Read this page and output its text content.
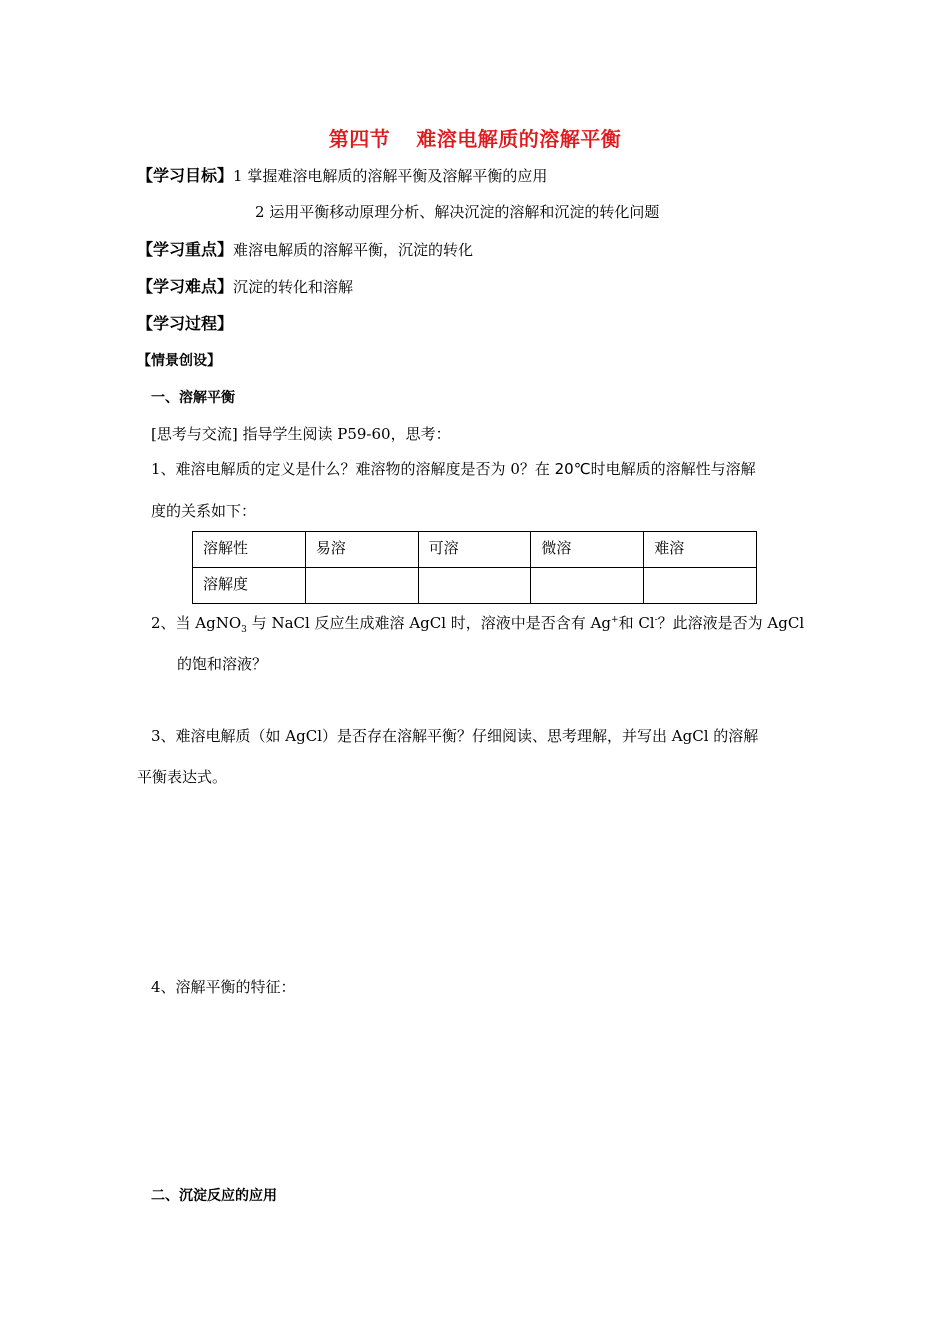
第四节 难溶电解质的溶解平衡
【学习目标】1 掌握难溶电解质的溶解平衡及溶解平衡的应用
2 运用平衡移动原理分析、解决沉淀的溶解和沉淀的转化问题
【学习重点】难溶电解质的溶解平衡，沉淀的转化
【学习难点】沉淀的转化和溶解
【学习过程】
【情景创设】
一、溶解平衡
[思考与交流] 指导学生阅读 P59-60，思考：
1、难溶电解质的定义是什么？难溶物的溶解度是否为 0？在 20℃时电解质的溶解性与溶解
度的关系如下：
溶解性	易溶	可溶	微溶	难溶
溶解度				
2、当 AgNO$_3$ 与 NaCl 反应生成难溶 AgCl 时，溶液中是否含有 Ag+和 Cl-？此溶液是否为 AgCl
的饱和溶液？
3、难溶电解质（如 AgCl）是否存在溶解平衡？仔细阅读、思考理解，并写出 AgCl 的溶解
平衡表达式。
4、溶解平衡的特征：
二、沉淀反应的应用
